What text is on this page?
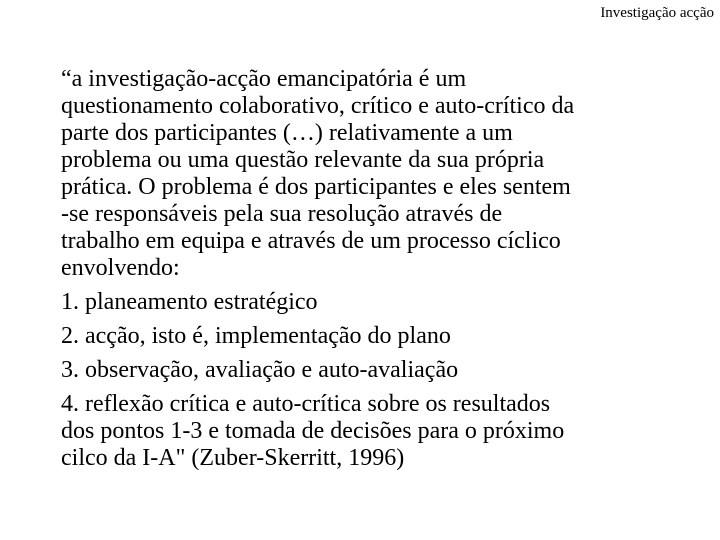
Investigação acção

“a investigação-acção emancipatória é um
questionamento colaborativo, crítico e auto-crítico da
parte dos participantes (…) relativamente a um
problema ou uma questão relevante da sua própria
prática. O problema é dos participantes e eles sentem
-se responsáveis pela sua resolução através de
trabalho em equipa e através de um processo cíclico
envolvendo:

1. planeamento estratégico
2. acção, isto é, implementação do plano
3. observação, avaliação e auto-avaliação
4. reflexão crítica e auto-crítica sobre os resultados
dos pontos 1-3 e tomada de decisões para o próximo
cilco da I-A" (Zuber-Skerritt, 1996)
